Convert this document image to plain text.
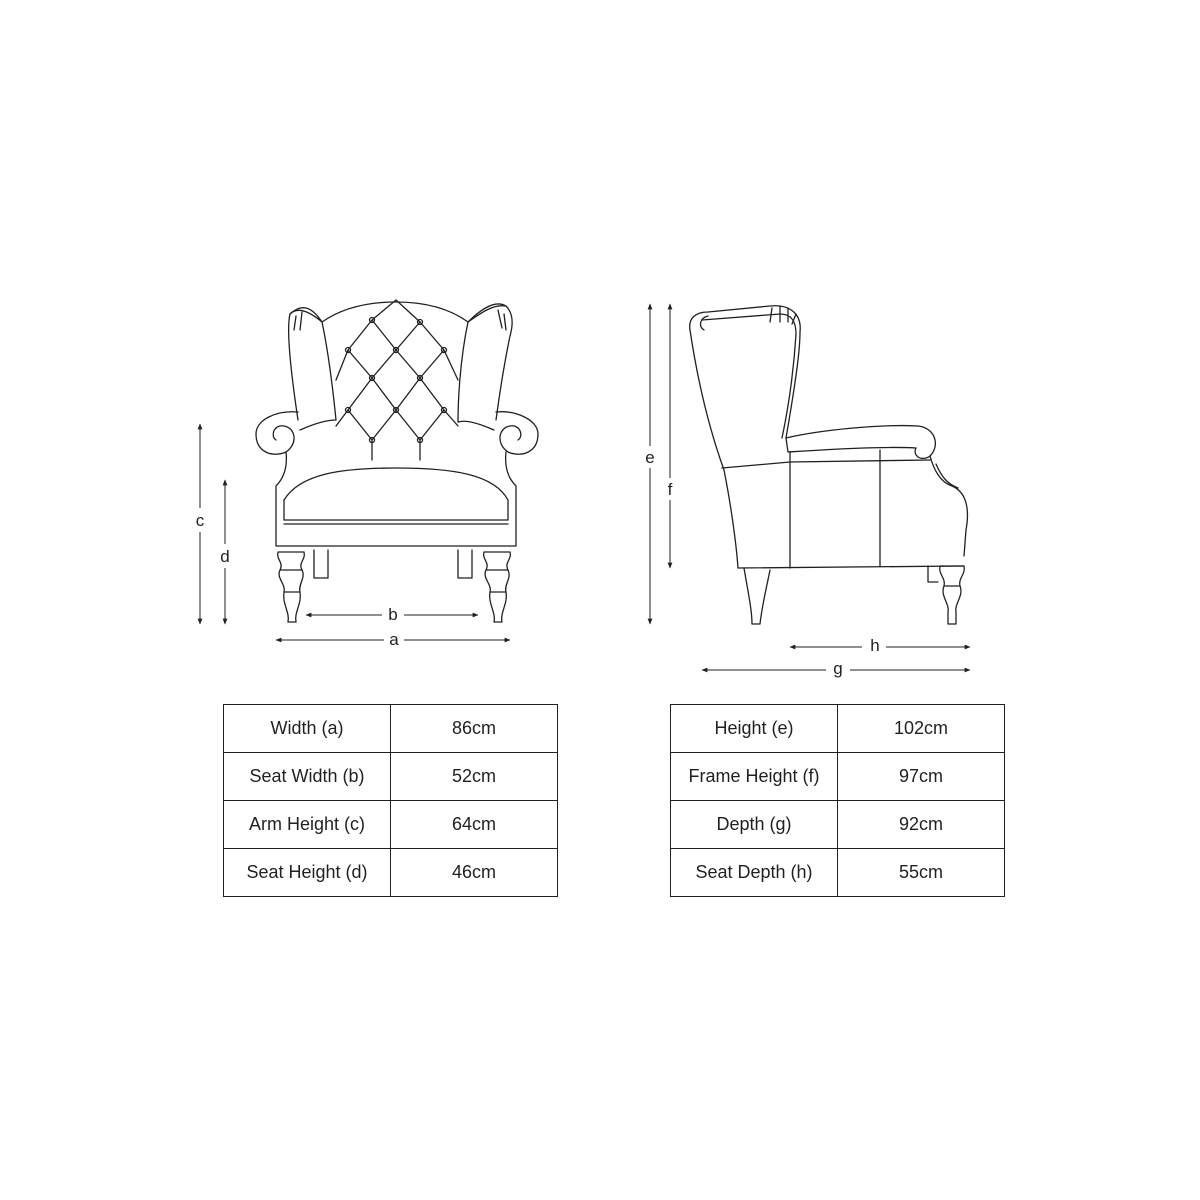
a
b
c
d
e
f
g
h
Width (a)	86cm
Seat Width (b)	52cm
Arm Height (c)	64cm
Seat Height (d)	46cm
Height (e)	102cm
Frame Height (f)	97cm
Depth (g)	92cm
Seat Depth (h)	55cm
